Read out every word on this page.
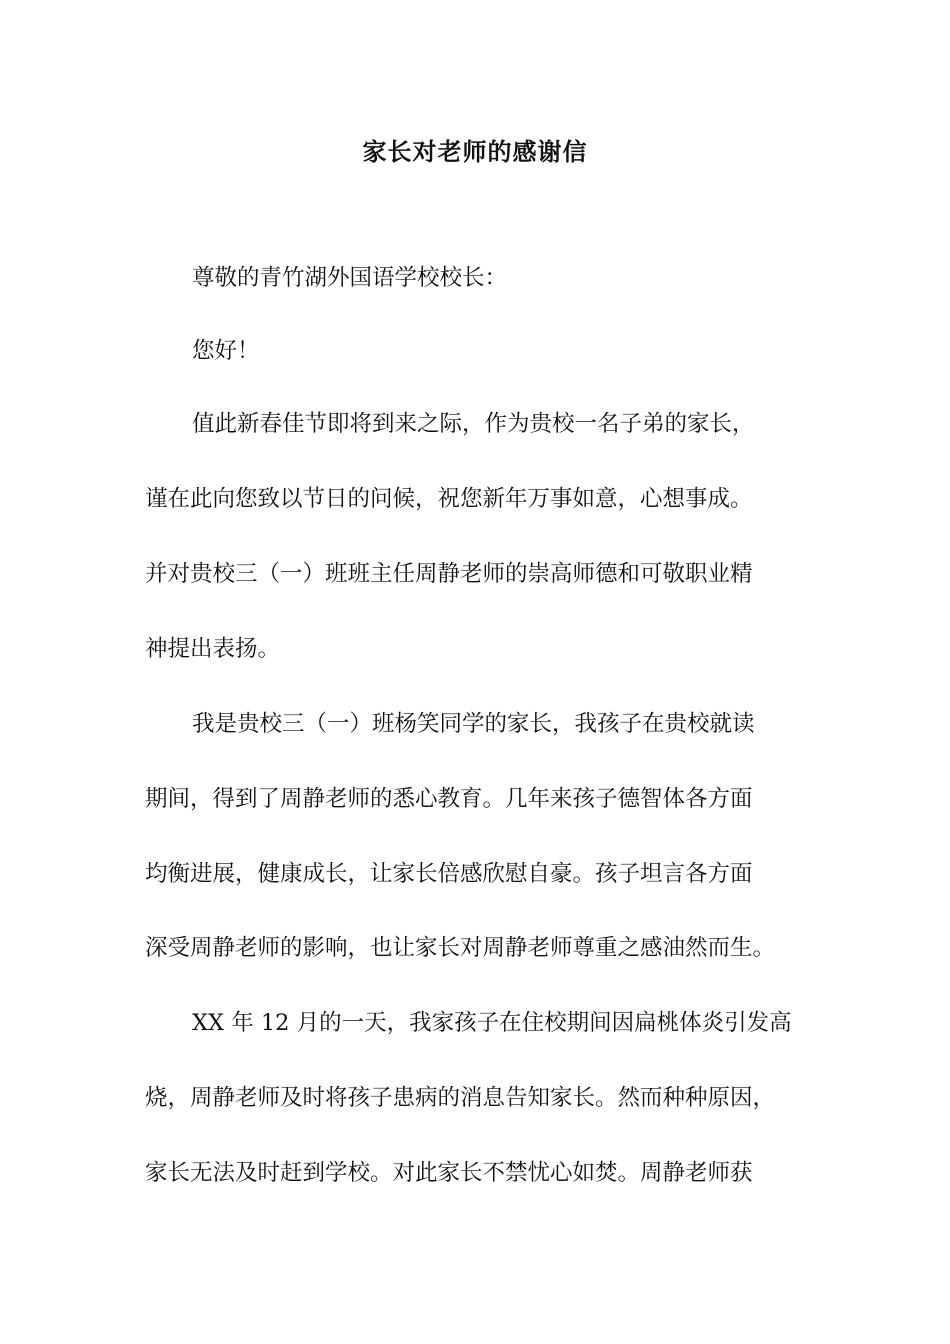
家长对老师的感谢信
尊敬的青竹湖外国语学校校长：
您好！
值此新春佳节即将到来之际，作为贵校一名子弟的家长，
谨在此向您致以节日的问候，祝您新年万事如意，心想事成。
并对贵校三（一）班班主任周静老师的崇高师德和可敬职业精
神提出表扬。
我是贵校三（一）班杨笑同学的家长，我孩子在贵校就读
期间，得到了周静老师的悉心教育。几年来孩子德智体各方面
均衡进展，健康成长，让家长倍感欣慰自豪。孩子坦言各方面
深受周静老师的影响，也让家长对周静老师尊重之感油然而生。
XX 年 12 月的一天，我家孩子在住校期间因扁桃体炎引发高
烧，周静老师及时将孩子患病的消息告知家长。然而种种原因，
家长无法及时赶到学校。对此家长不禁忧心如焚。周静老师获
